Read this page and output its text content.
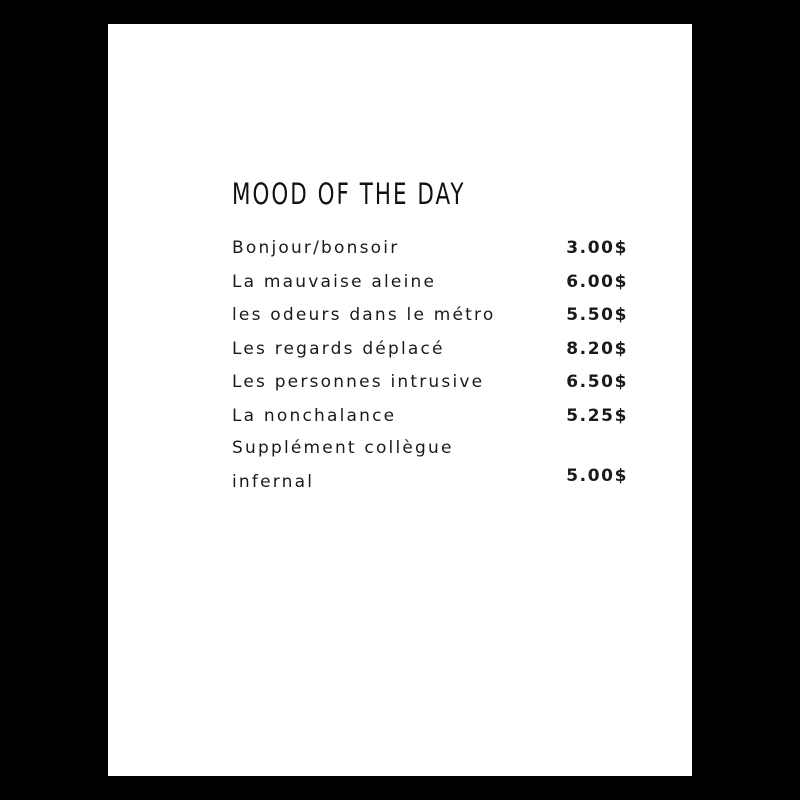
MOOD OF THE DAY
Bonjour/bonsoir	3.00$
La mauvaise aleine	6.00$
les odeurs dans le métro	5.50$
Les regards déplacé	8.20$
Les personnes intrusive	6.50$
La nonchalance	5.25$
Supplément collègue
infernal	5.00$
